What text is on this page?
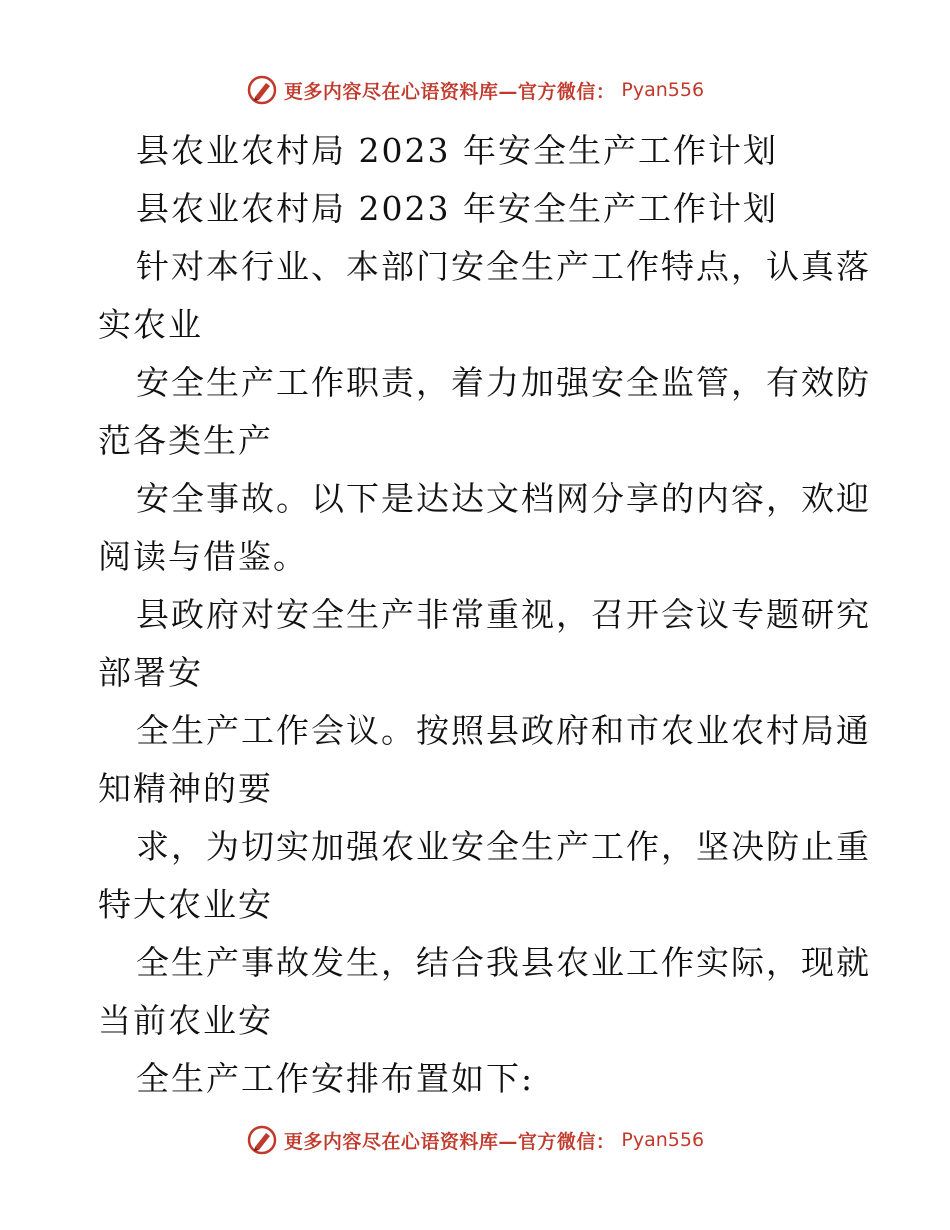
更多内容尽在心语资料库—官方微信： Pyan556
县农业农村局 2023 年安全生产工作计划
县农业农村局 2023 年安全生产工作计划
针对本行业、本部门安全生产工作特点，认真落
实农业
安全生产工作职责，着力加强安全监管，有效防
范各类生产
安全事故。以下是达达文档网分享的内容，欢迎
阅读与借鉴。
县政府对安全生产非常重视，召开会议专题研究
部署安
全生产工作会议。按照县政府和市农业农村局通
知精神的要
求，为切实加强农业安全生产工作，坚决防止重
特大农业安
全生产事故发生，结合我县农业工作实际，现就
当前农业安
全生产工作安排布置如下:
更多内容尽在心语资料库—官方微信： Pyan556
